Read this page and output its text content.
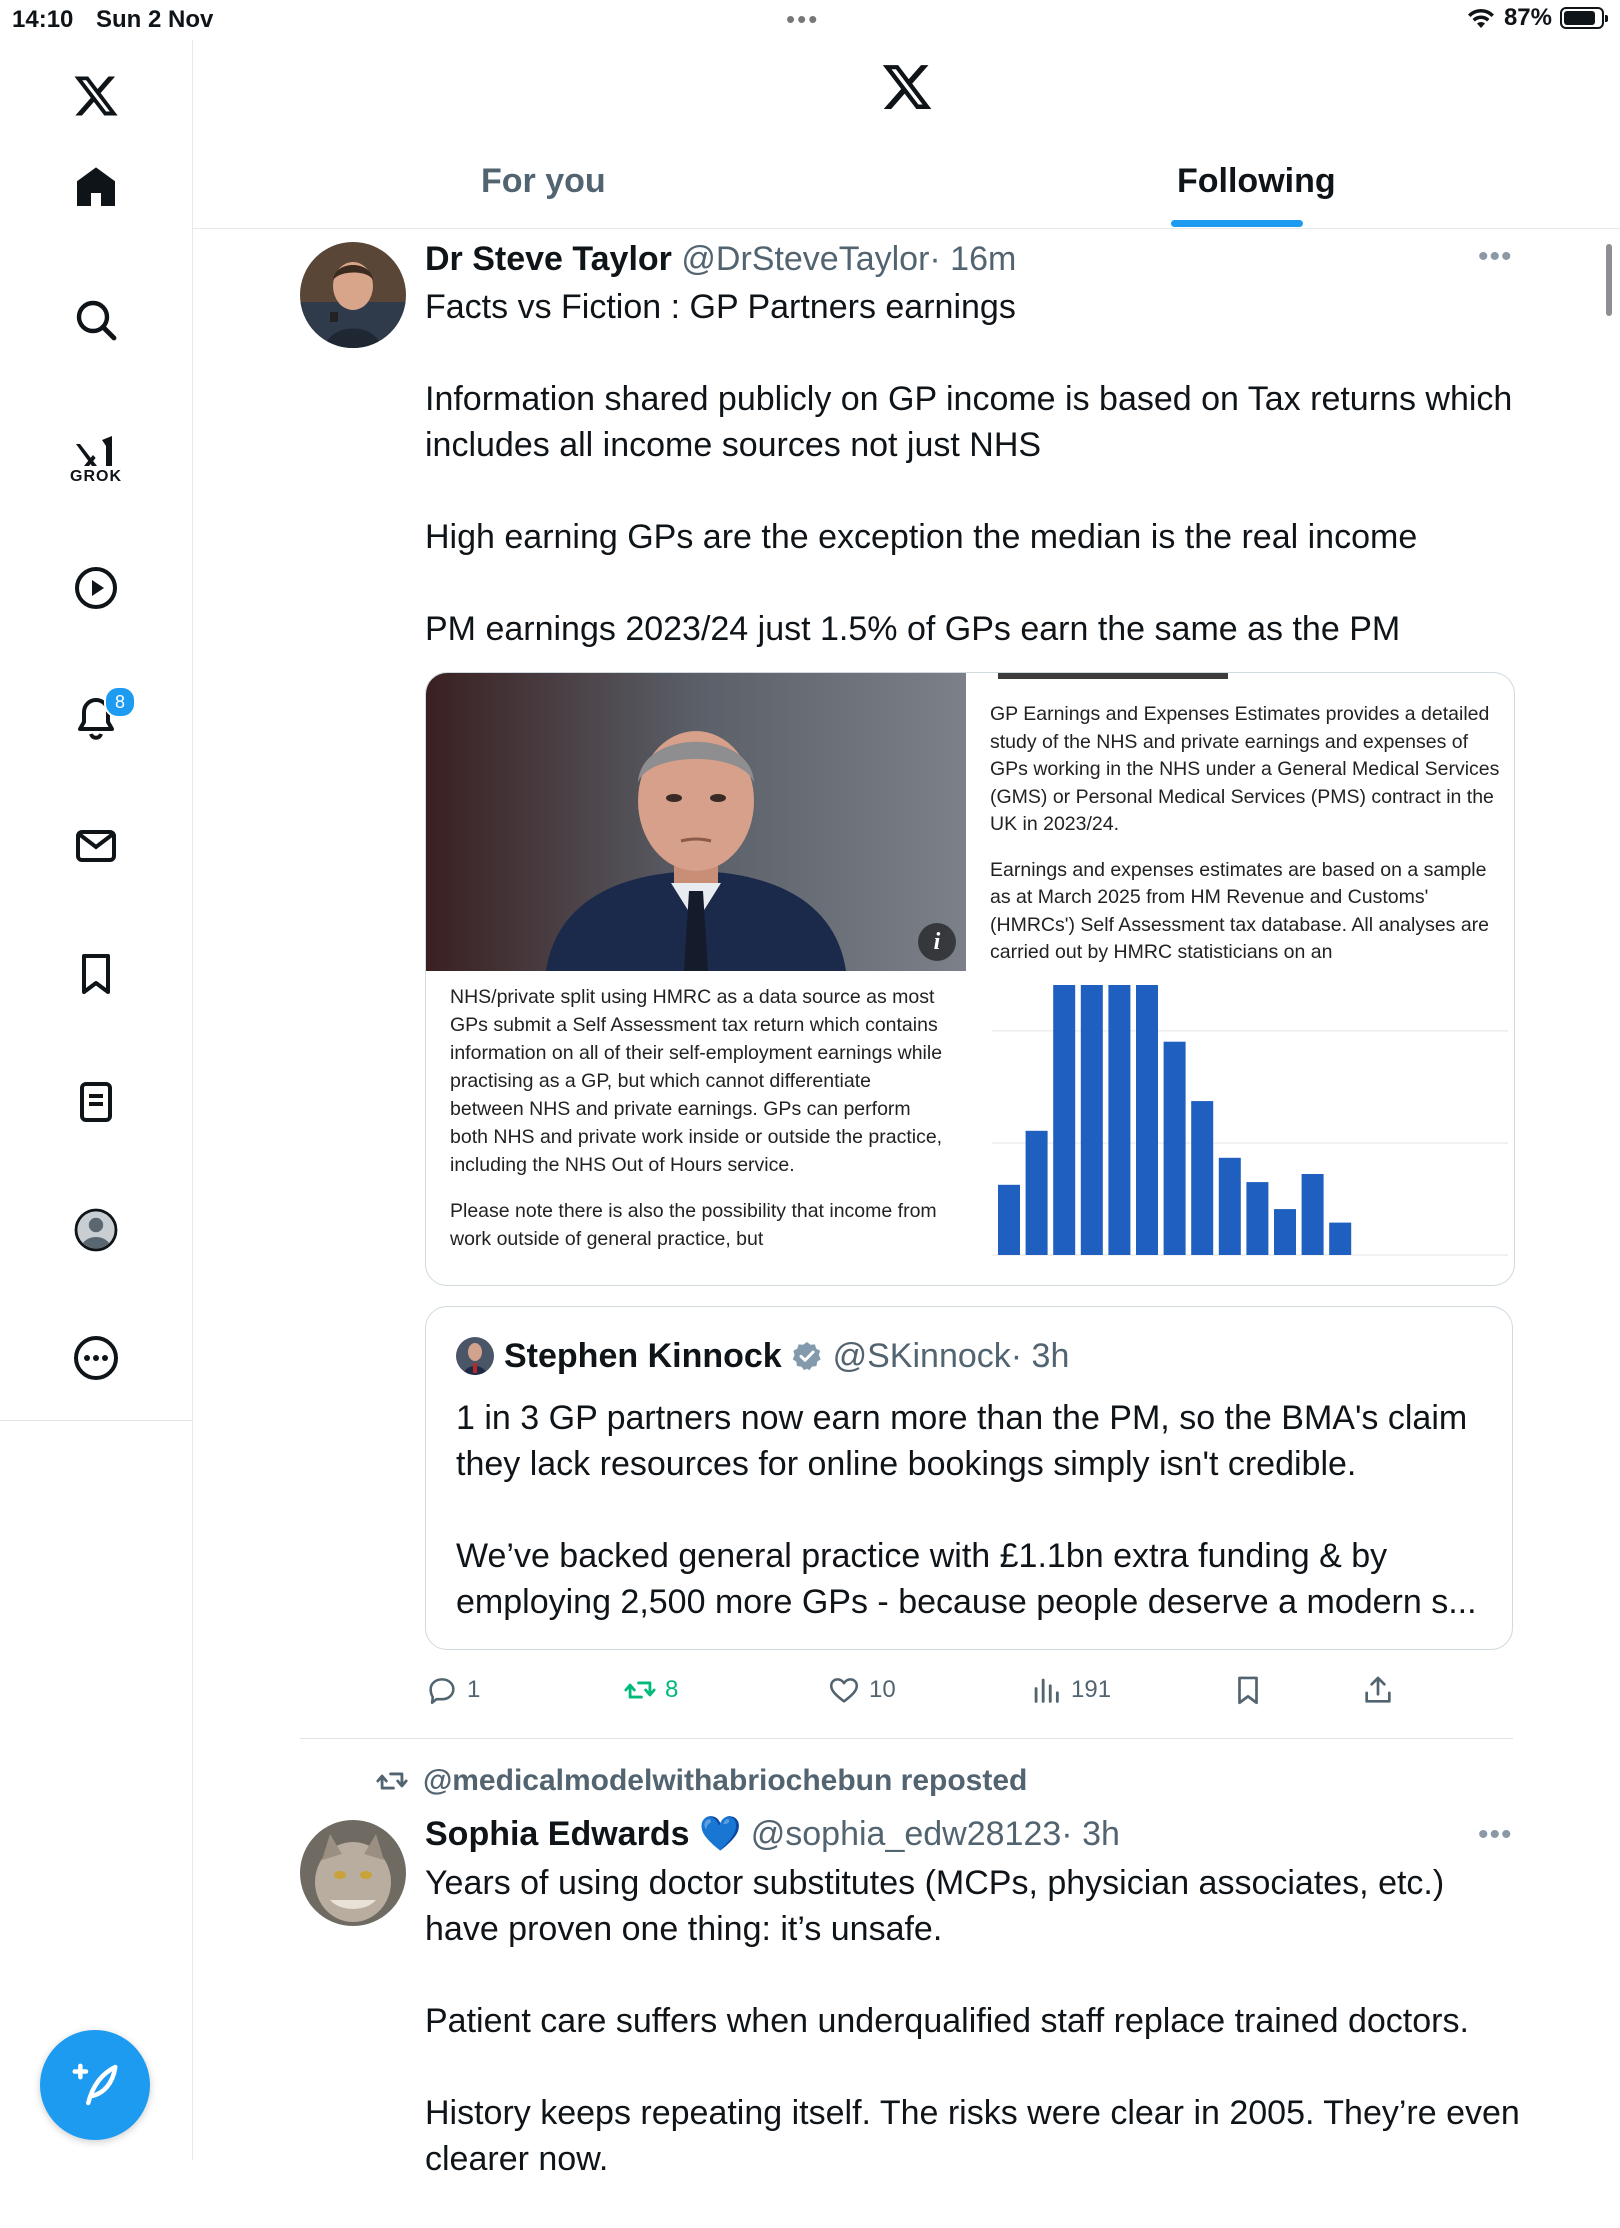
14:10 Sun 2 Nov	•••	87%
GROK
8
For you	Following
Dr Steve Taylor @DrSteveTaylor· 16m	•••

Facts vs Fiction : GP Partners earnings

Information shared publicly on GP income is based on Tax returns which includes all income sources not just NHS

High earning GPs are the exception the median is the real income

PM earnings 2023/24 just 1.5% of GPs earn the same as the PM

i

NHS/private split using HMRC as a data source as most GPs submit a Self Assessment tax return which contains information on all of their self-employment earnings while practising as a GP, but which cannot differentiate between NHS and private earnings. GPs can perform both NHS and private work inside or outside the practice, including the NHS Out of Hours service.

Please note there is also the possibility that income from work outside of general practice, but

GP Earnings and Expenses Estimates provides a detailed study of the NHS and private earnings and expenses of GPs working in the NHS under a General Medical Services (GMS) or Personal Medical Services (PMS) contract in the UK in 2023/24.

Earnings and expenses estimates are based on a sample as at March 2025 from HM Revenue and Customs' (HMRCs') Self Assessment tax database. All analyses are carried out by HMRC statisticians on an

Stephen Kinnock @SKinnock· 3h

1 in 3 GP partners now earn more than the PM, so the BMA's claim they lack resources for online bookings simply isn't credible.

We’ve backed general practice with £1.1bn extra funding & by employing 2,500 more GPs - because people deserve a modern s...

1	8	10	191
@medicalmodelwithabriochebun reposted
Sophia Edwards 💙 @sophia_edw28123· 3h	•••

Years of using doctor substitutes (MCPs, physician associates, etc.) have proven one thing: it’s unsafe.

Patient care suffers when underqualified staff replace trained doctors.

History keeps repeating itself. The risks were clear in 2005. They’re even clearer now.
